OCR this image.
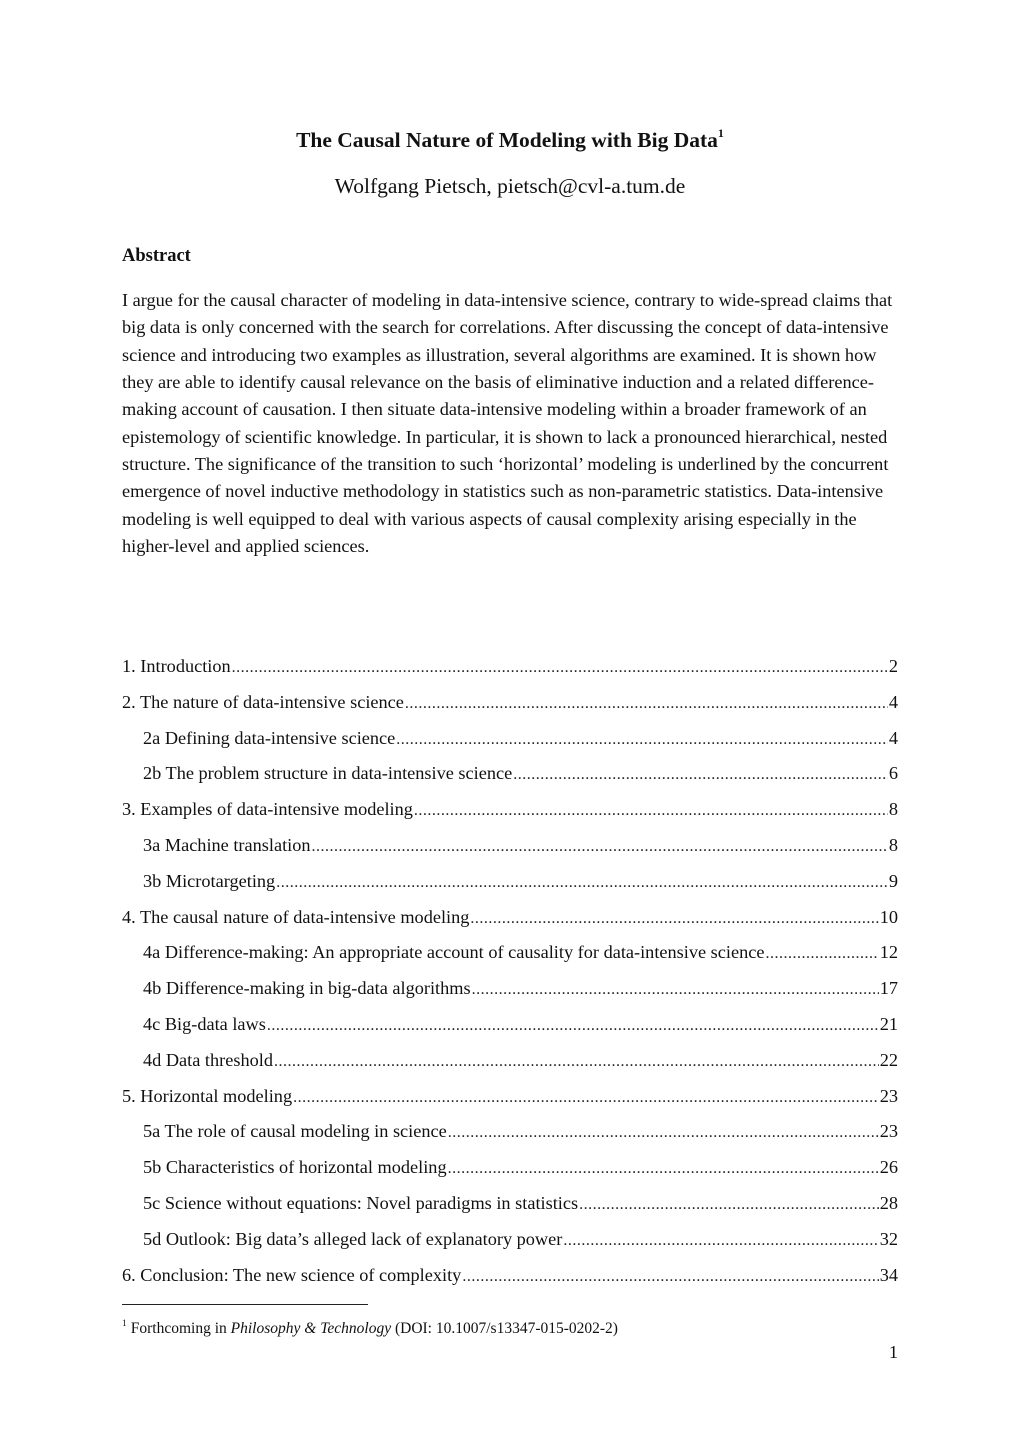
The Causal Nature of Modeling with Big Data$^1$
Wolfgang Pietsch, pietsch@cvl-a.tum.de
Abstract

I argue for the causal character of modeling in data-intensive science, contrary to wide-spread claims that big data is only concerned with the search for correlations. After discussing the concept of data-intensive science and introducing two examples as illustration, several algorithms are examined. It is shown how they are able to identify causal relevance on the basis of eliminative induction and a related difference-making account of causation. I then situate data-intensive modeling within a broader framework of an epistemology of scientific knowledge. In particular, it is shown to lack a pronounced hierarchical, nested structure. The significance of the transition to such ‘horizontal’ modeling is underlined by the concurrent emergence of novel inductive methodology in statistics such as non-parametric statistics. Data-intensive modeling is well equipped to deal with various aspects of causal complexity arising especially in the higher-level and applied sciences.

1. Introduction .....	2
2. The nature of data-intensive science .....	4
2a Defining data-intensive science .....	4
2b The problem structure in data-intensive science .....	6
3. Examples of data-intensive modeling .....	8
3a Machine translation .....	8
3b Microtargeting .....	9
4. The causal nature of data-intensive modeling .....	10
4a Difference-making: An appropriate account of causality for data-intensive science .....	12
4b Difference-making in big-data algorithms .....	17
4c Big-data laws .....	21
4d Data threshold .....	22
5. Horizontal modeling .....	23
5a The role of causal modeling in science .....	23
5b Characteristics of horizontal modeling .....	26
5c Science without equations: Novel paradigms in statistics .....	28
5d Outlook: Big data’s alleged lack of explanatory power .....	32
6. Conclusion: The new science of complexity .....	34
$^1$ Forthcoming in Philosophy & Technology (DOI: 10.1007/s13347-015-0202-2)
1
